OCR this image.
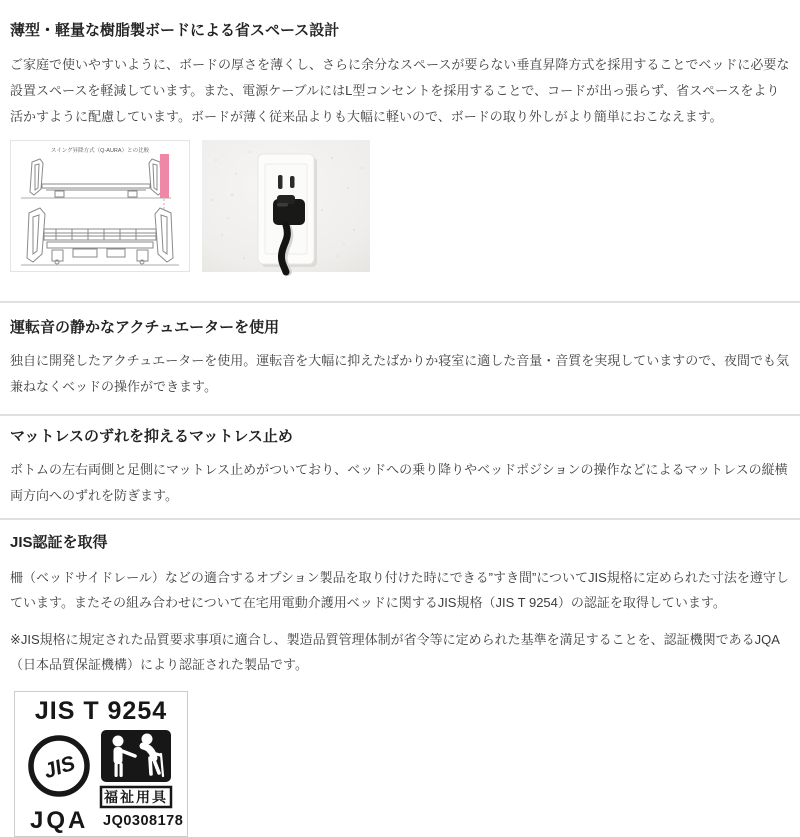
薄型・軽量な樹脂製ボードによる省スペース設計
ご家庭で使いやすいように、ボードの厚さを薄くし、さらに余分なスペースが要らない垂直昇降方式を採用することでベッドに必要な設置スペースを軽減しています。また、電源ケーブルにはL型コンセントを採用することで、コードが出っ張らず、省スペースをより活かすように配慮しています。ボードが薄く従来品よりも大幅に軽いので、ボードの取り外しがより簡単におこなえます。
スイング昇降方式（Q-AURA）との比較
運転音の静かなアクチュエーターを使用
独自に開発したアクチュエーターを使用。運転音を大幅に抑えたばかりか寝室に適した音量・音質を実現していますので、夜間でも気兼ねなくベッドの操作ができます。
マットレスのずれを抑えるマットレス止め
ボトムの左右両側と足側にマットレス止めがついており、ベッドへの乗り降りやベッドポジションの操作などによるマットレスの縦横両方向へのずれを防ぎます。
JIS認証を取得
柵（ベッドサイドレール）などの適合するオプション製品を取り付けた時にできる”すき間”についてJIS規格に定められた寸法を遵守しています。またその組み合わせについて在宅用電動介護用ベッドに関するJIS規格（JIS T 9254）の認証を取得しています。
※JIS規格に規定された品質要求事項に適合し、製造品質管理体制が省令等に定められた基準を満足することを、認証機関であるJQA（日本品質保証機構）により認証された製品です。
JIS T 9254
JIS
福祉用具
JQA JQ0308178
